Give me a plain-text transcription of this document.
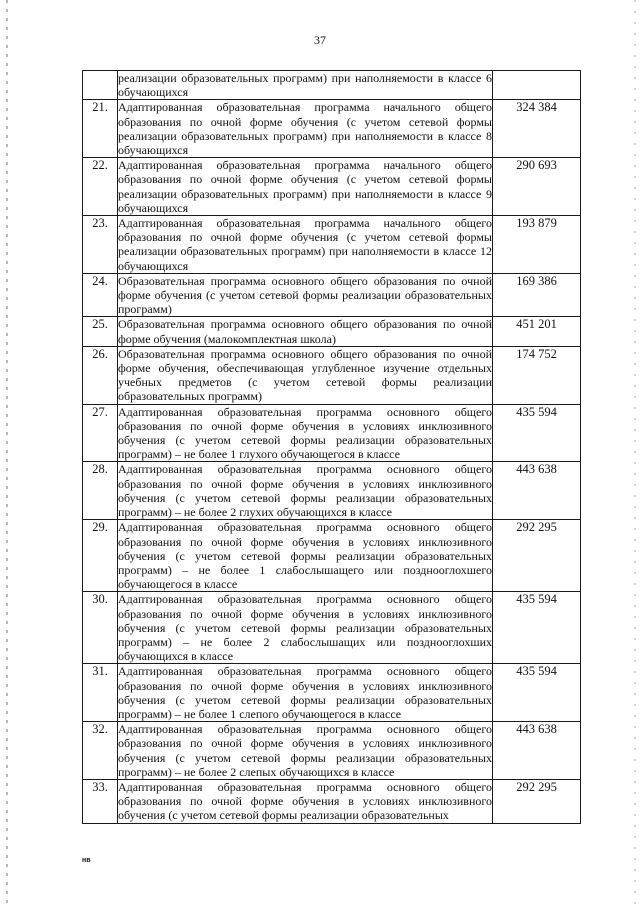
37
	реализации образовательных программ) при наполняемости в классе 6 обучающихся	
21.	Адаптированная образовательная программа начального общего образования по очной форме обучения (с учетом сетевой формы реализации образовательных программ) при наполняемости в классе 8 обучающихся	324 384
22.	Адаптированная образовательная программа начального общего образования по очной форме обучения (с учетом сетевой формы реализации образовательных программ) при наполняемости в классе 9 обучающихся	290 693
23.	Адаптированная образовательная программа начального общего образования по очной форме обучения (с учетом сетевой формы реализации образовательных программ) при наполняемости в классе 12 обучающихся	193 879
24.	Образовательная программа основного общего образования по очной форме обучения (с учетом сетевой формы реализации образовательных программ)	169 386
25.	Образовательная программа основного общего образования по очной форме обучения (малокомплектная школа)	451 201
26.	Образовательная программа основного общего образования по очной форме обучения, обеспечивающая углубленное изучение отдельных учебных предметов (с учетом сетевой формы реализации образовательных программ)	174 752
27.	Адаптированная образовательная программа основного общего образования по очной форме обучения в условиях инклюзивного обучения (с учетом сетевой формы реализации образовательных программ) – не более 1 глухого обучающегося в классе	435 594
28.	Адаптированная образовательная программа основного общего образования по очной форме обучения в условиях инклюзивного обучения (с учетом сетевой формы реализации образовательных программ) – не более 2 глухих обучающихся в классе	443 638
29.	Адаптированная образовательная программа основного общего образования по очной форме обучения в условиях инклюзивного обучения (с учетом сетевой формы реализации образовательных программ) – не более 1 слабослышащего или позднооглохшего обучающегося в классе	292 295
30.	Адаптированная образовательная программа основного общего образования по очной форме обучения в условиях инклюзивного обучения (с учетом сетевой формы реализации образовательных программ) – не более 2 слабослышащих или позднооглохших обучающихся в классе	435 594
31.	Адаптированная образовательная программа основного общего образования по очной форме обучения в условиях инклюзивного обучения (с учетом сетевой формы реализации образовательных программ) – не более 1 слепого обучающегося в классе	435 594
32.	Адаптированная образовательная программа основного общего образования по очной форме обучения в условиях инклюзивного обучения (с учетом сетевой формы реализации образовательных программ) – не более 2 слепых обучающихся в классе	443 638
33.	Адаптированная образовательная программа основного общего образования по очной форме обучения в условиях инклюзивного обучения (с учетом сетевой формы реализации образовательных	292 295
нв
